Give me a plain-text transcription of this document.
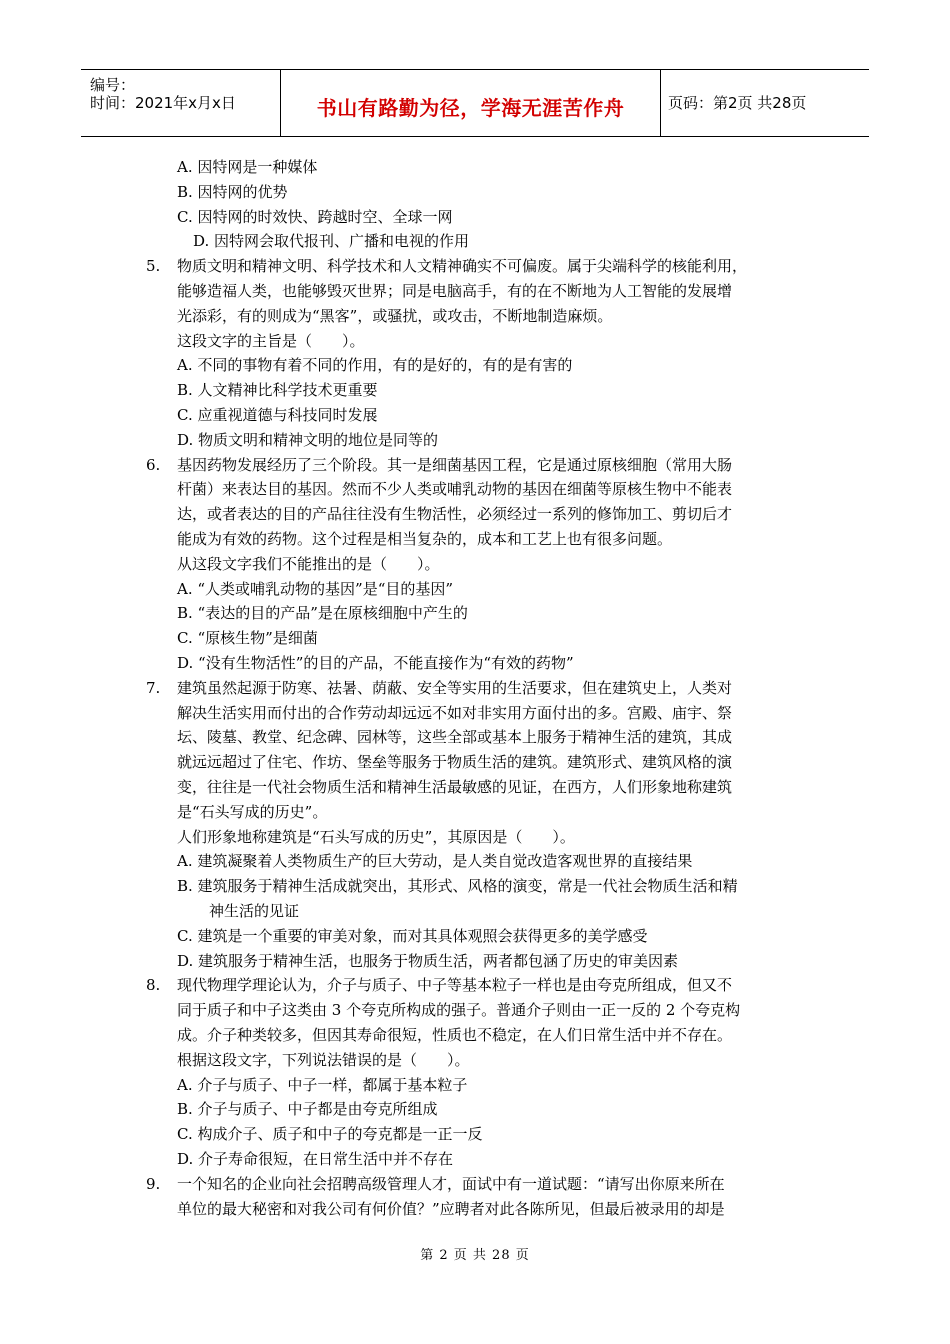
编号：
时间：2021年x月x日	书山有路勤为径，学海无涯苦作舟	页码：第2页 共28页
A. 因特网是一种媒体
B. 因特网的优势
C. 因特网的时效快、跨越时空、全球一网
D. 因特网会取代报刊、广播和电视的作用
5. 物质文明和精神文明、科学技术和人文精神确实不可偏废。属于尖端科学的核能利用，
能够造福人类，也能够毁灭世界；同是电脑高手，有的在不断地为人工智能的发展增
光添彩，有的则成为“黑客”，或骚扰，或攻击，不断地制造麻烦。
这段文字的主旨是（　　）。
A. 不同的事物有着不同的作用，有的是好的，有的是有害的
B. 人文精神比科学技术更重要
C. 应重视道德与科技同时发展
D. 物质文明和精神文明的地位是同等的
6. 基因药物发展经历了三个阶段。其一是细菌基因工程，它是通过原核细胞（常用大肠
杆菌）来表达目的基因。然而不少人类或哺乳动物的基因在细菌等原核生物中不能表
达，或者表达的目的产品往往没有生物活性，必须经过一系列的修饰加工、剪切后才
能成为有效的药物。这个过程是相当复杂的，成本和工艺上也有很多问题。
从这段文字我们不能推出的是（　　）。
A. “人类或哺乳动物的基因”是“目的基因”
B. “表达的目的产品”是在原核细胞中产生的
C. “原核生物”是细菌
D. “没有生物活性”的目的产品，不能直接作为“有效的药物”
7. 建筑虽然起源于防寒、祛暑、荫蔽、安全等实用的生活要求，但在建筑史上，人类对
解决生活实用而付出的合作劳动却远远不如对非实用方面付出的多。宫殿、庙宇、祭
坛、陵墓、教堂、纪念碑、园林等，这些全部或基本上服务于精神生活的建筑，其成
就远远超过了住宅、作坊、堡垒等服务于物质生活的建筑。建筑形式、建筑风格的演
变，往往是一代社会物质生活和精神生活最敏感的见证，在西方，人们形象地称建筑
是“石头写成的历史”。
人们形象地称建筑是“石头写成的历史”，其原因是（　　）。
A. 建筑凝聚着人类物质生产的巨大劳动，是人类自觉改造客观世界的直接结果
B. 建筑服务于精神生活成就突出，其形式、风格的演变，常是一代社会物质生活和精
神生活的见证
C. 建筑是一个重要的审美对象，而对其具体观照会获得更多的美学感受
D. 建筑服务于精神生活，也服务于物质生活，两者都包涵了历史的审美因素
8. 现代物理学理论认为，介子与质子、中子等基本粒子一样也是由夸克所组成，但又不
同于质子和中子这类由 3 个夸克所构成的强子。普通介子则由一正一反的 2 个夸克构
成。介子种类较多，但因其寿命很短，性质也不稳定，在人们日常生活中并不存在。
根据这段文字，下列说法错误的是（　　）。
A. 介子与质子、中子一样，都属于基本粒子
B. 介子与质子、中子都是由夸克所组成
C. 构成介子、质子和中子的夸克都是一正一反
D. 介子寿命很短，在日常生活中并不存在
9. 一个知名的企业向社会招聘高级管理人才，面试中有一道试题：“请写出你原来所在
单位的最大秘密和对我公司有何价值？”应聘者对此各陈所见，但最后被录用的却是
第 2 页 共 28 页
